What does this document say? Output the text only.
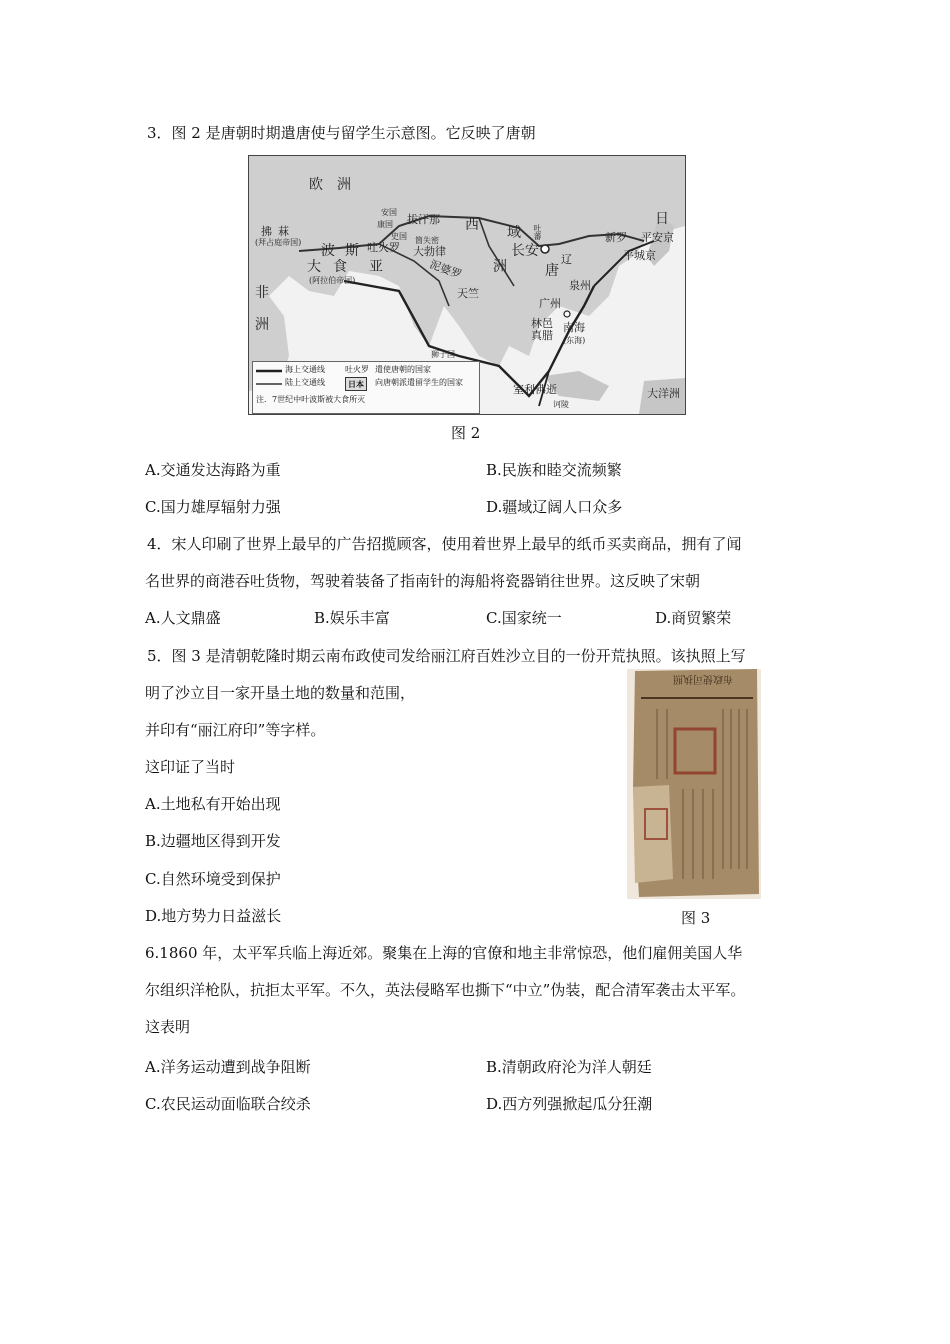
3．图 2 是唐朝时期遣唐使与留学生示意图。它反映了唐朝
欧洲
拂菻
(拜占庭帝国)
波斯
大食
(阿拉伯帝国)
亚
非
洲
吐火罗
安国
康国
史国
拔汗那 西 域
箇失密
大勃律
泥婆罗
天竺
洲
吐蕃
长安
唐
辽
泉州
广州
林邑
真腊
南海
(东海)
狮子国
室利佛逝
诃陵
新罗 平安京
平城京
日
大洋洲
海上交通线
陆上交通线
吐火罗 遣使唐朝的国家
日本	向唐朝派遣留学生的国家
注．7世纪中叶波斯被大食所灭
图 2
A.交通发达海路为重	B.民族和睦交流频繁
C.国力雄厚辐射力强	D.疆域辽阔人口众多
4．宋人印刷了世界上最早的广告招揽顾客，使用着世界上最早的纸币买卖商品，拥有了闻
名世界的商港吞吐货物，驾驶着装备了指南针的海船将瓷器销往世界。这反映了宋朝
A.人文鼎盛	B.娱乐丰富	C.国家统一	D.商贸繁荣
5．图 3 是清朝乾隆时期云南布政使司发给丽江府百姓沙立目的一份开荒执照。该执照上写
明了沙立目一家开垦土地的数量和范围，
并印有“丽江府印”等字样。
这印证了当时
A.土地私有开始出现
B.边疆地区得到开发
C.自然环境受到保护
D.地方势力日益滋长
布政使司执照
图 3
6.1860 年，太平军兵临上海近郊。聚集在上海的官僚和地主非常惊恐，他们雇佣美国人华
尔组织洋枪队，抗拒太平军。不久，英法侵略军也撕下“中立”伪装，配合清军袭击太平军。
这表明
A.洋务运动遭到战争阻断	B.清朝政府沦为洋人朝廷
C.农民运动面临联合绞杀	D.西方列强掀起瓜分狂潮
